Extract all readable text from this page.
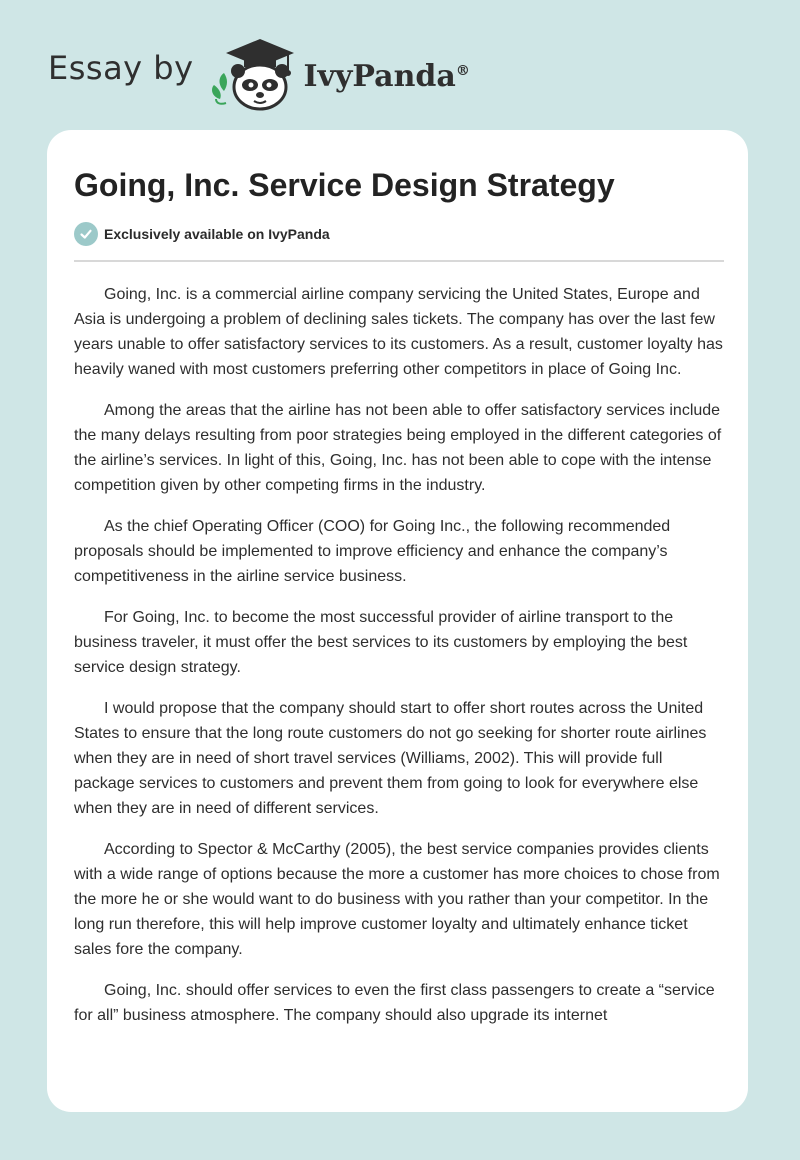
Essay by	IvyPanda®
Going, Inc. Service Design Strategy
Exclusively available on IvyPanda

Going, Inc. is a commercial airline company servicing the United States, Europe and Asia is undergoing a problem of declining sales tickets. The company has over the last few years unable to offer satisfactory services to its customers. As a result, customer loyalty has heavily waned with most customers preferring other competitors in place of Going Inc.

Among the areas that the airline has not been able to offer satisfactory services include the many delays resulting from poor strategies being employed in the different categories of the airline’s services. In light of this, Going, Inc. has not been able to cope with the intense competition given by other competing firms in the industry.

As the chief Operating Officer (COO) for Going Inc., the following recommended proposals should be implemented to improve efficiency and enhance the company’s competitiveness in the airline service business.

For Going, Inc. to become the most successful provider of airline transport to the business traveler, it must offer the best services to its customers by employing the best service design strategy.

I would propose that the company should start to offer short routes across the United States to ensure that the long route customers do not go seeking for shorter route airlines when they are in need of short travel services (Williams, 2002). This will provide full package services to customers and prevent them from going to look for everywhere else when they are in need of different services.

According to Spector & McCarthy (2005), the best service companies provides clients with a wide range of options because the more a customer has more choices to chose from the more he or she would want to do business with you rather than your competitor. In the long run therefore, this will help improve customer loyalty and ultimately enhance ticket sales fore the company.

Going, Inc. should offer services to even the first class passengers to create a “service for all” business atmosphere. The company should also upgrade its internet
